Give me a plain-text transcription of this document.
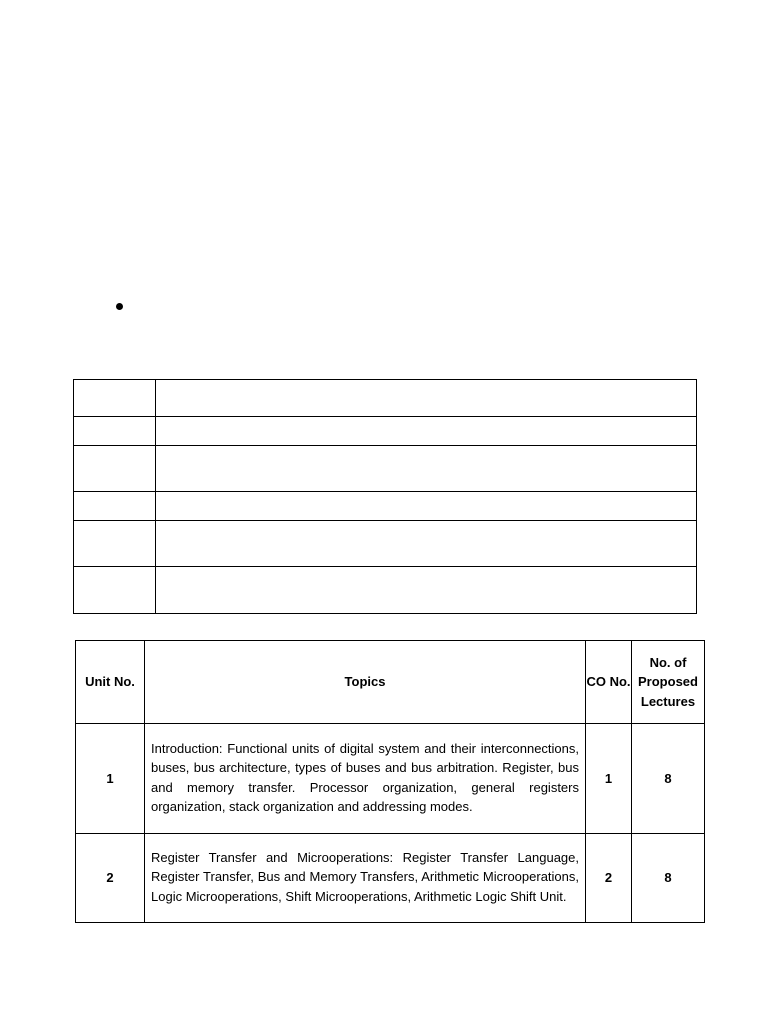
Unit No.	Topics	CO No.	No. of Proposed Lectures
1	Introduction: Functional units of digital system and their interconnections, buses, bus architecture, types of buses and bus arbitration. Register, bus and memory transfer. Processor organization, general registers organization, stack organization and addressing modes.	1	8
2	Register Transfer and Microoperations: Register Transfer Language, Register Transfer, Bus and Memory Transfers, Arithmetic Microoperations, Logic Microoperations, Shift Microoperations, Arithmetic Logic Shift Unit.	2	8
